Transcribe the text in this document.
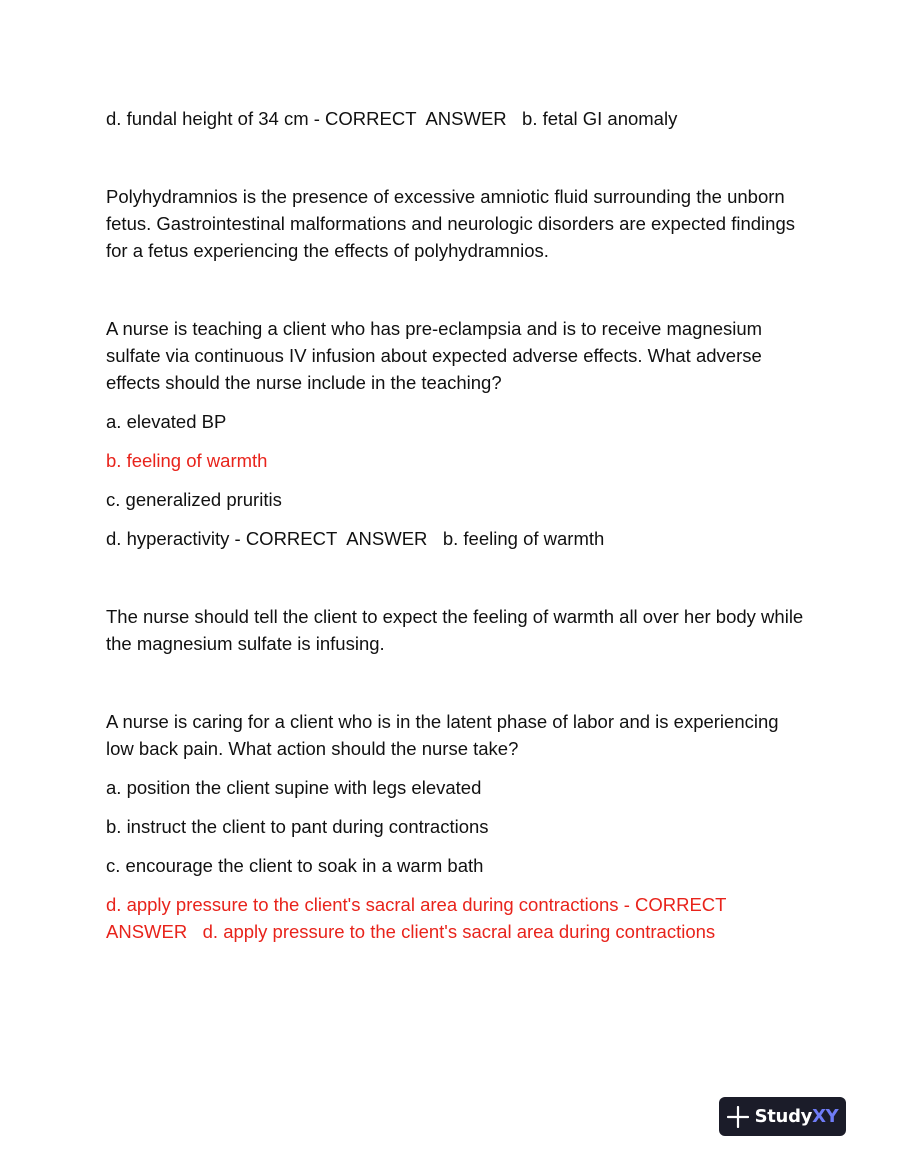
d. fundal height of 34 cm - CORRECT  ANSWER   b. fetal GI anomaly

Polyhydramnios is the presence of excessive amniotic fluid surrounding the unborn fetus. Gastrointestinal malformations and neurologic disorders are expected findings for a fetus experiencing the effects of polyhydramnios.

A nurse is teaching a client who has pre-eclampsia and is to receive magnesium sulfate via continuous IV infusion about expected adverse effects. What adverse effects should the nurse include in the teaching?

a. elevated BP

b. feeling of warmth

c. generalized pruritis

d. hyperactivity - CORRECT  ANSWER   b. feeling of warmth

The nurse should tell the client to expect the feeling of warmth all over her body while the magnesium sulfate is infusing.

A nurse is caring for a client who is in the latent phase of labor and is experiencing low back pain. What action should the nurse take?

a. position the client supine with legs elevated

b. instruct the client to pant during contractions

c. encourage the client to soak in a warm bath

d. apply pressure to the client's sacral area during contractions - CORRECT  ANSWER   d. apply pressure to the client's sacral area during contractions

StudyXY
